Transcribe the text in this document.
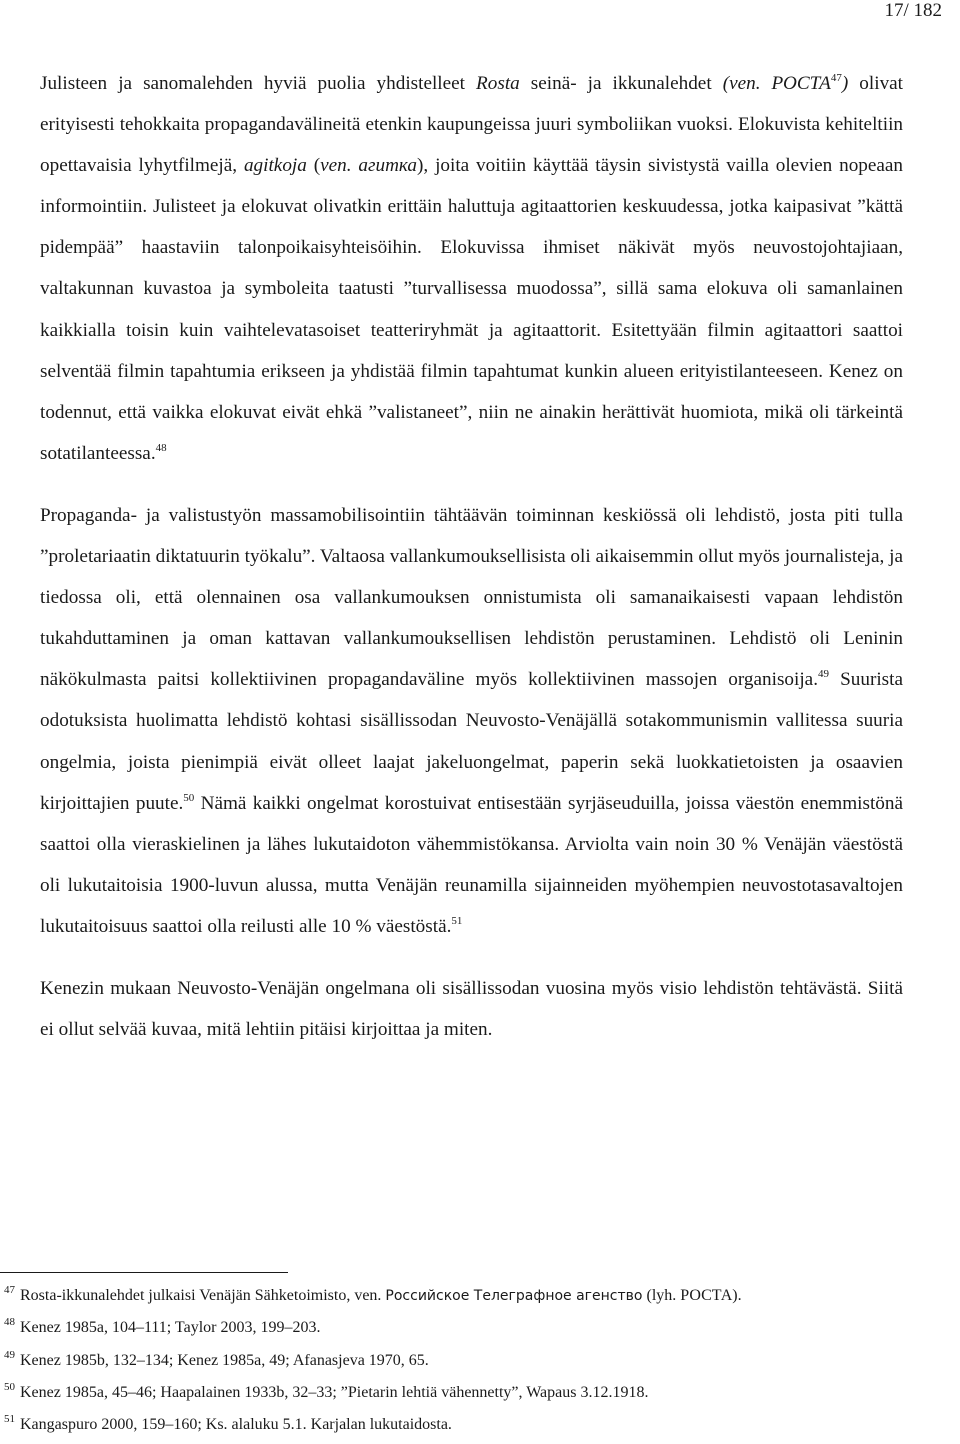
17/ 182

Julisteen ja sanomalehden hyviä puolia yhdistelleet Rosta seinä- ja ikkunalehdet (ven. РОСТА$^{47}$) olivat erityisesti tehokkaita propagandavälineitä etenkin kaupungeissa juuri symboliikan vuoksi. Elokuvista kehiteltiin opettavaisia lyhytfilmejä, agitkoja (ven. агитка), joita voitiin käyttää täysin sivistystä vailla olevien nopeaan informointiin. Julisteet ja elokuvat olivatkin erittäin haluttuja agitaattorien keskuudessa, jotka kaipasivat ”kättä pidempää” haastaviin talonpoikaisyhteisöihin. Elokuvissa ihmiset näkivät myös neuvostojohtajiaan, valtakunnan kuvastoa ja symboleita taatusti ”turvallisessa muodossa”, sillä sama elokuva oli samanlainen kaikkialla toisin kuin vaihtelevatasoiset teatteriryhmät ja agitaattorit. Esitettyään filmin agitaattori saattoi selventää filmin tapahtumia erikseen ja yhdistää filmin tapahtumat kunkin alueen erityistilanteeseen. Kenez on todennut, että vaikka elokuvat eivät ehkä ”valistaneet”, niin ne ainakin herättivät huomiota, mikä oli tärkeintä sotatilanteessa.$^{48}$

Propaganda- ja valistustyön massamobilisointiin tähtäävän toiminnan keskiössä oli lehdistö, josta piti tulla ”proletariaatin diktatuurin työkalu”. Valtaosa vallankumouksellisista oli aikaisemmin ollut myös journalisteja, ja tiedossa oli, että olennainen osa vallankumouksen onnistumista oli samanaikaisesti vapaan lehdistön tukahduttaminen ja oman kattavan vallankumouksellisen lehdistön perustaminen. Lehdistö oli Leninin näkökulmasta paitsi kollektiivinen propagandaväline myös kollektiivinen massojen organisoija.$^{49}$ Suurista odotuksista huolimatta lehdistö kohtasi sisällissodan Neuvosto-Venäjällä sotakommunismin vallitessa suuria ongelmia, joista pienimpiä eivät olleet laajat jakeluongelmat, paperin sekä luokkatietoisten ja osaavien kirjoittajien puute.$^{50}$ Nämä kaikki ongelmat korostuivat entisestään syrjäseuduilla, joissa väestön enemmistönä saattoi olla vieraskielinen ja lähes lukutaidoton vähemmistökansa. Arviolta vain noin 30 % Venäjän väestöstä oli lukutaitoisia 1900-luvun alussa, mutta Venäjän reunamilla sijainneiden myöhempien neuvostotasavaltojen lukutaitoisuus saattoi olla reilusti alle 10 % väestöstä.$^{51}$

Kenezin mukaan Neuvosto-Venäjän ongelmana oli sisällissodan vuosina myös visio lehdistön tehtävästä. Siitä ei ollut selvää kuvaa, mitä lehtiin pitäisi kirjoittaa ja miten.

$^{47}$ Rosta-ikkunalehdet julkaisi Venäjän Sähketoimisto, ven. Российское Телеграфное агенство (lyh. РОСТА).
$^{48}$ Kenez 1985a, 104–111; Taylor 2003, 199–203.
$^{49}$ Kenez 1985b, 132–134; Kenez 1985a, 49; Afanasjeva 1970, 65.
$^{50}$ Kenez 1985a, 45–46; Haapalainen 1933b, 32–33; ”Pietarin lehtiä vähennetty”, Wapaus 3.12.1918.
$^{51}$ Kangaspuro 2000, 159–160; Ks. alaluku 5.1. Karjalan lukutaidosta.
